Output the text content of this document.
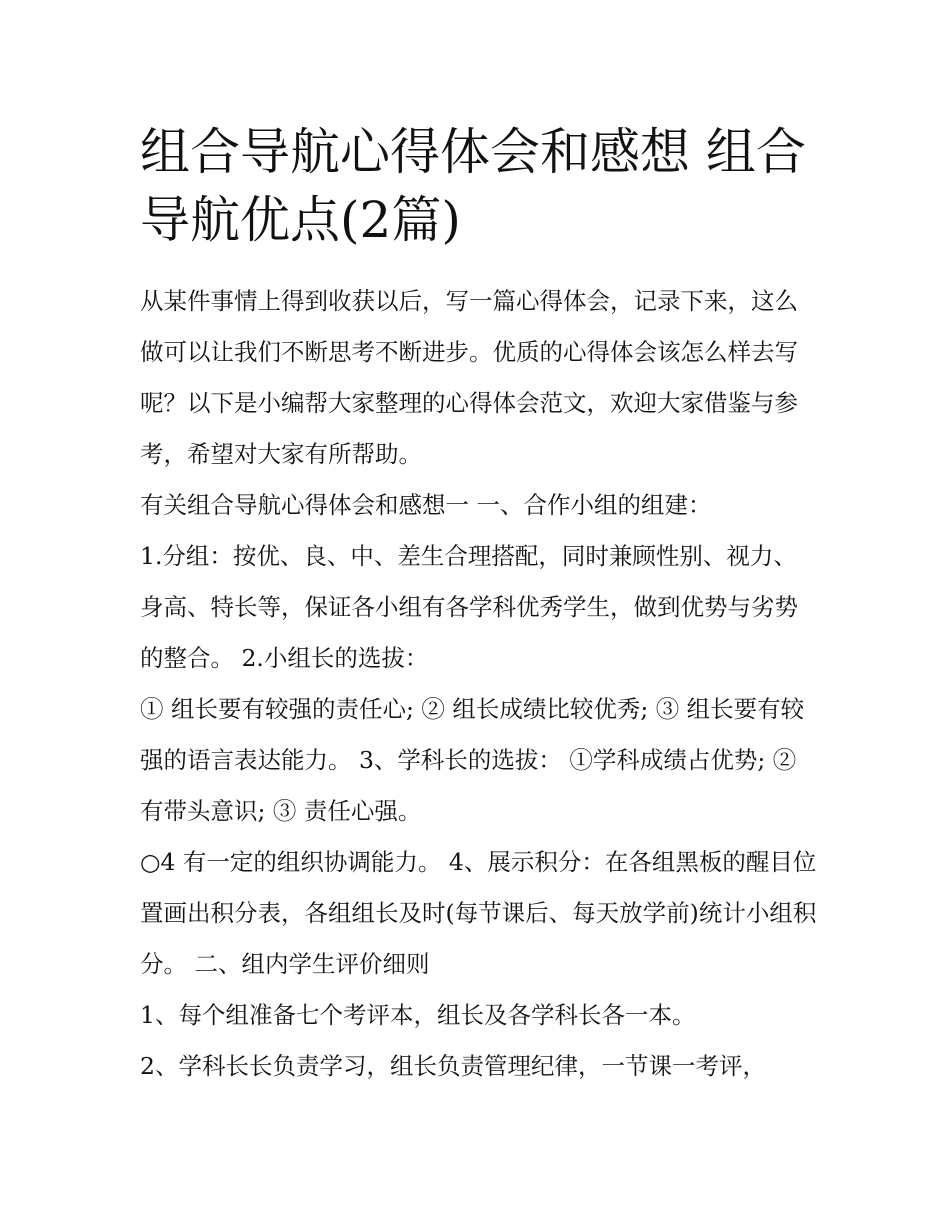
组合导航心得体会和感想 组合导航优点(2篇)

从某件事情上得到收获以后，写一篇心得体会，记录下来，这么做可以让我们不断思考不断进步。优质的心得体会该怎么样去写呢？以下是小编帮大家整理的心得体会范文，欢迎大家借鉴与参考，希望对大家有所帮助。

有关组合导航心得体会和感想一 一、合作小组的组建：

1.分组：按优、良、中、差生合理搭配，同时兼顾性别、视力、身高、特长等，保证各小组有各学科优秀学生，做到优势与劣势的整合。 2.小组长的选拔：

① 组长要有较强的责任心; ② 组长成绩比较优秀; ③ 组长要有较强的语言表达能力。 3、学科长的选拔： ①学科成绩占优势; ② 有带头意识; ③ 责任心强。

○4 有一定的组织协调能力。 4、展示积分：在各组黑板的醒目位置画出积分表，各组组长及时(每节课后、每天放学前)统计小组积分。 二、组内学生评价细则

1、每个组准备七个考评本，组长及各学科长各一本。

2、学科长长负责学习，组长负责管理纪律，一节课一考评，
